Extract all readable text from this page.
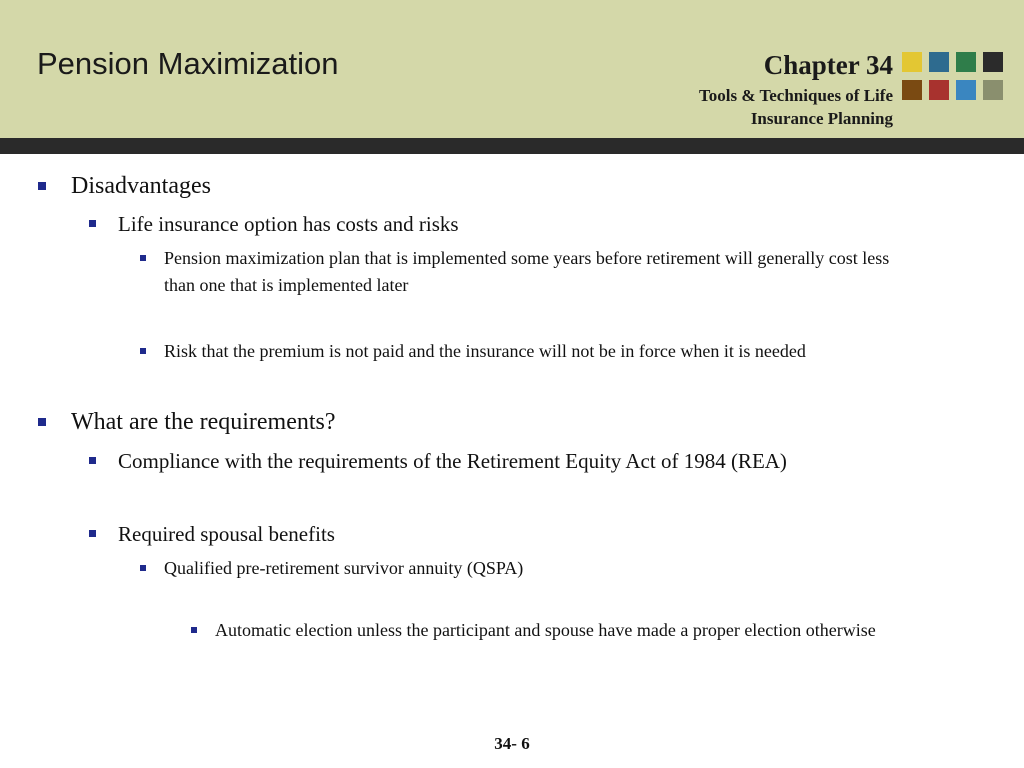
Pension Maximization	Chapter 34
Tools & Techniques of Life
Insurance Planning
Disadvantages
Life insurance option has costs and risks
Pension maximization plan that is implemented some years before retirement will generally cost less than one that is implemented later
Risk that the premium is not paid and the insurance will not be in force when it is needed
What are the requirements?
Compliance with the requirements of the Retirement Equity Act of 1984 (REA)
Required spousal benefits
Qualified pre-retirement survivor annuity (QSPA)
Automatic election unless the participant and spouse have made a proper election otherwise
34- 6
